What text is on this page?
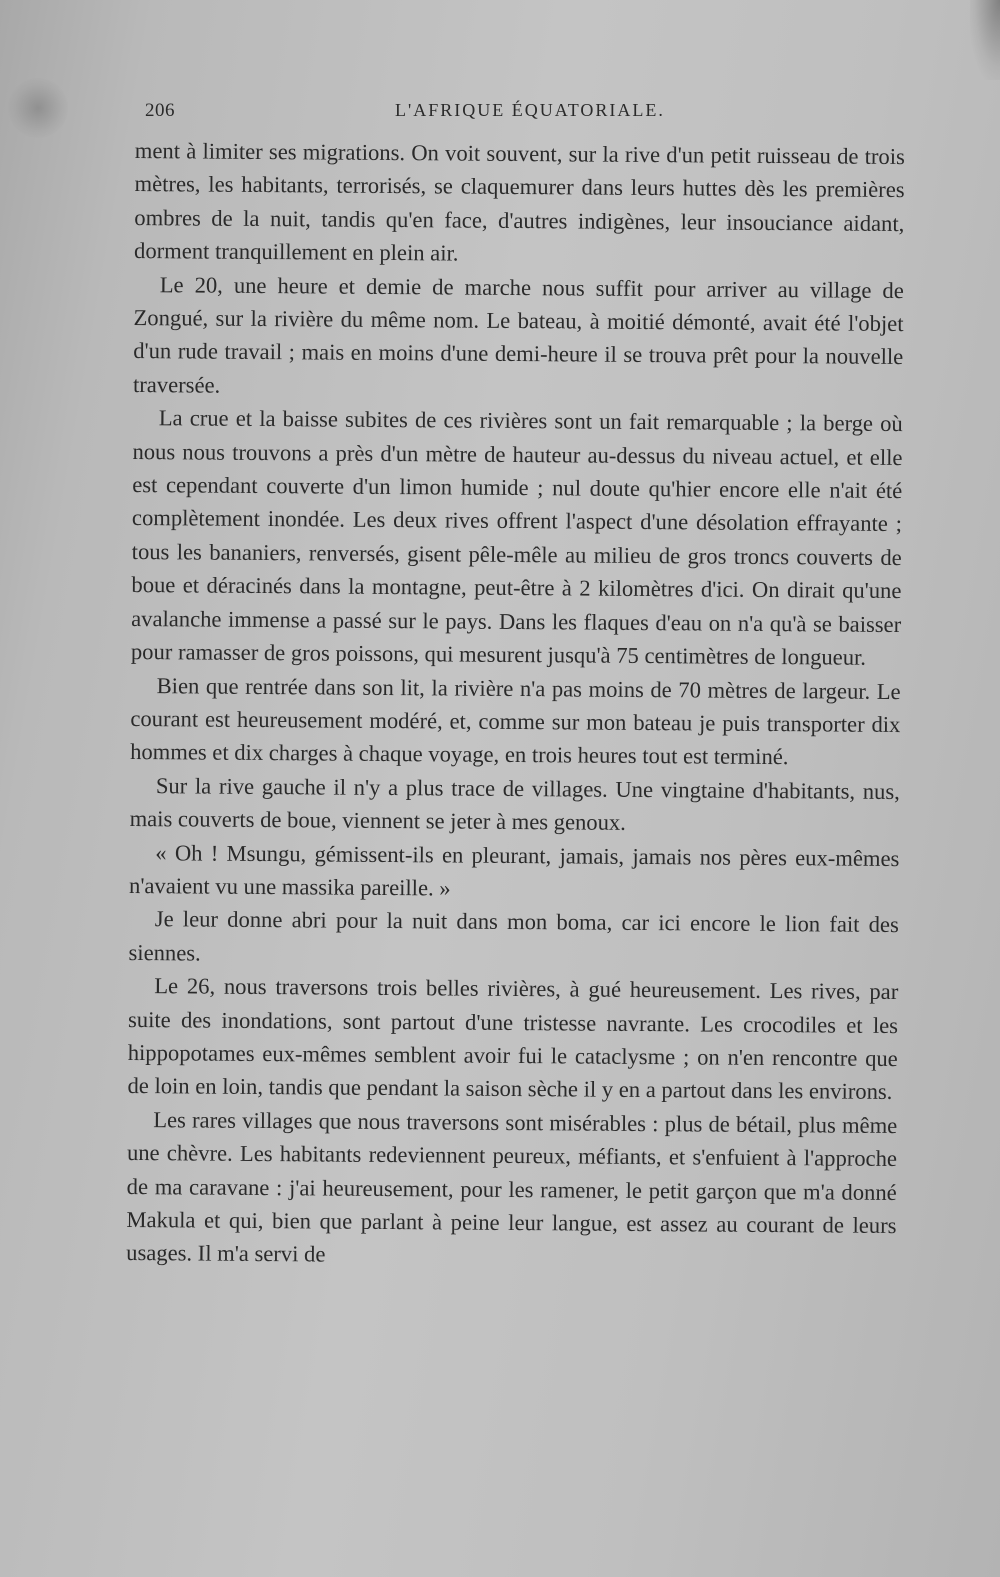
206	L'AFRIQUE ÉQUATORIALE.

ment à limiter ses migrations. On voit souvent, sur la rive d'un petit ruisseau de trois mètres, les habitants, terrorisés, se claquemurer dans leurs huttes dès les premières ombres de la nuit, tandis qu'en face, d'autres indigènes, leur insouciance aidant, dorment tranquillement en plein air.

Le 20, une heure et demie de marche nous suffit pour arriver au village de Zongué, sur la rivière du même nom. Le bateau, à moitié démonté, avait été l'objet d'un rude travail ; mais en moins d'une demi-heure il se trouva prêt pour la nouvelle traversée.

La crue et la baisse subites de ces rivières sont un fait remarquable ; la berge où nous nous trouvons a près d'un mètre de hauteur au-dessus du niveau actuel, et elle est cependant couverte d'un limon humide ; nul doute qu'hier encore elle n'ait été complètement inondée. Les deux rives offrent l'aspect d'une désolation effrayante ; tous les bananiers, renversés, gisent pêle-mêle au milieu de gros troncs couverts de boue et déracinés dans la montagne, peut-être à 2 kilomètres d'ici. On dirait qu'une avalanche immense a passé sur le pays. Dans les flaques d'eau on n'a qu'à se baisser pour ramasser de gros poissons, qui mesurent jusqu'à 75 centimètres de longueur.

Bien que rentrée dans son lit, la rivière n'a pas moins de 70 mètres de largeur. Le courant est heureusement modéré, et, comme sur mon bateau je puis transporter dix hommes et dix charges à chaque voyage, en trois heures tout est terminé.

Sur la rive gauche il n'y a plus trace de villages. Une vingtaine d'habitants, nus, mais couverts de boue, viennent se jeter à mes genoux.

« Oh ! Msungu, gémissent-ils en pleurant, jamais, jamais nos pères eux-mêmes n'avaient vu une massika pareille. »

Je leur donne abri pour la nuit dans mon boma, car ici encore le lion fait des siennes.

Le 26, nous traversons trois belles rivières, à gué heureusement. Les rives, par suite des inondations, sont partout d'une tristesse navrante. Les crocodiles et les hippopotames eux-mêmes semblent avoir fui le cataclysme ; on n'en rencontre que de loin en loin, tandis que pendant la saison sèche il y en a partout dans les environs.

Les rares villages que nous traversons sont misérables : plus de bétail, plus même une chèvre. Les habitants redeviennent peureux, méfiants, et s'enfuient à l'approche de ma caravane : j'ai heureusement, pour les ramener, le petit garçon que m'a donné Makula et qui, bien que parlant à peine leur langue, est assez au courant de leurs usages. Il m'a servi de
